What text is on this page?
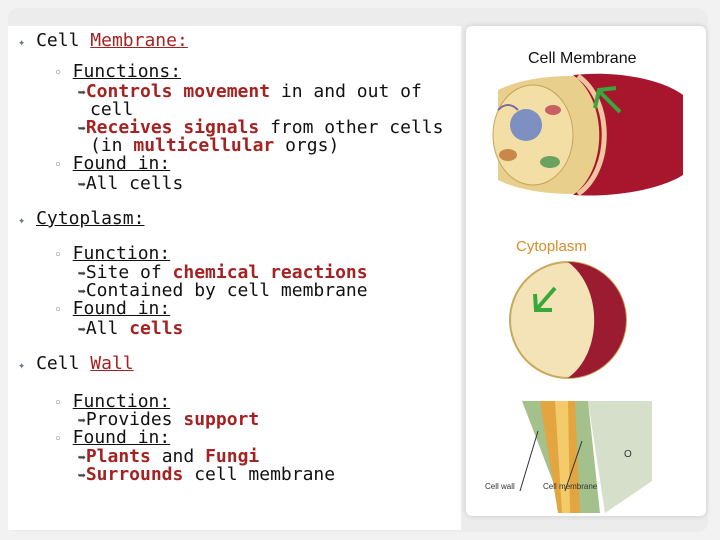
✦ Cell Membrane:
◦ Functions:
➥Controls movement in and out of
cell
➥Receives signals from other cells
(in multicellular orgs)
◦ Found in:
➥All cells
✦ Cytoplasm:
◦ Function:
➥Site of chemical reactions
➥Contained by cell membrane
◦ Found in:
➥All cells
✦ Cell Wall
◦ Function:
➥Provides support
◦ Found in:
➥Plants and Fungi
➥Surrounds cell membrane
Cell Membrane
Cytoplasm
O
Cell wall	Cell membrane
